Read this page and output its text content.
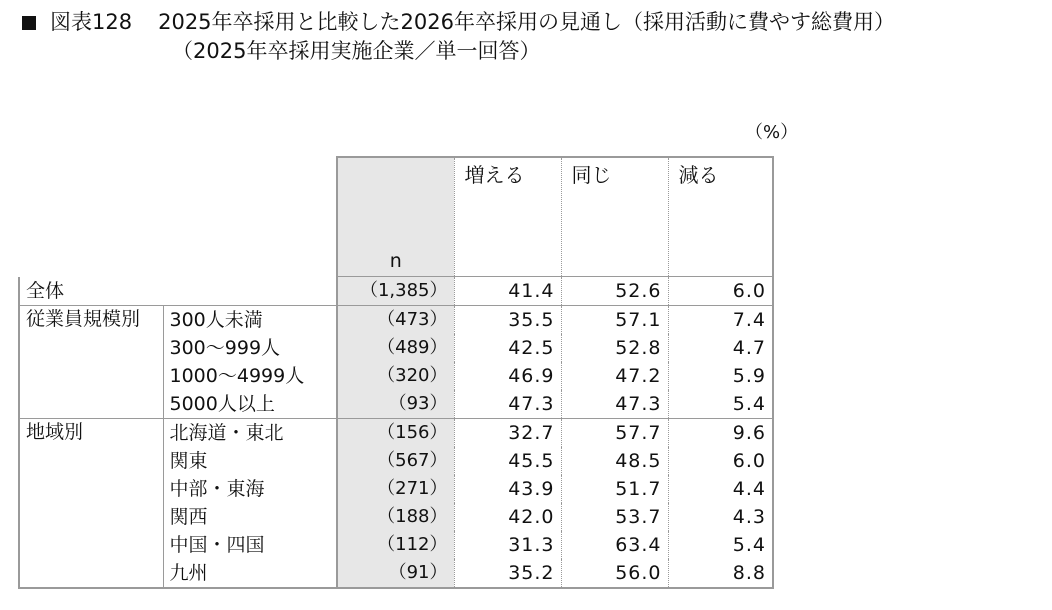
図表128 2025年卒採用と比較した2026年卒採用の見通し（採用活動に費やす総費用）
（2025年卒採用実施企業／単一回答）
（%）
		n	増える	同じ	減る
全体		（1,385）	41.4	52.6	6.0
従業員規模別	300人未満	（473）	35.5	57.1	7.4
	300〜999人	（489）	42.5	52.8	4.7
	1000〜4999人	（320）	46.9	47.2	5.9
	5000人以上	（93）	47.3	47.3	5.4
地域別	北海道・東北	（156）	32.7	57.7	9.6
	関東	（567）	45.5	48.5	6.0
	中部・東海	（271）	43.9	51.7	4.4
	関西	（188）	42.0	53.7	4.3
	中国・四国	（112）	31.3	63.4	5.4
	九州	（91）	35.2	56.0	8.8
